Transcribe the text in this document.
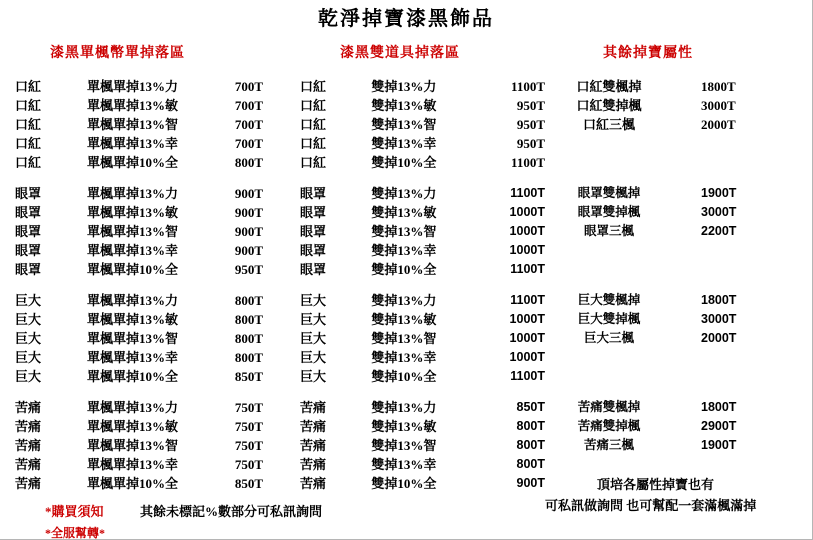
乾淨掉寶漆黑飾品
漆黑單楓幣單掉落區	漆黑雙道具掉落區	其餘掉寶屬性
口紅	單楓單掉13%力	700T
口紅	單楓單掉13%敏	700T
口紅	單楓單掉13%智	700T
口紅	單楓單掉13%幸	700T
口紅	單楓單掉10%全	800T
口紅	雙掉13%力	1100T
口紅	雙掉13%敏	950T
口紅	雙掉13%智	950T
口紅	雙掉13%幸	950T
口紅	雙掉10%全	1100T
口紅雙楓掉	1800T
口紅雙掉楓	3000T
口紅三楓	2000T
眼罩	單楓單掉13%力	900T
眼罩	單楓單掉13%敏	900T
眼罩	單楓單掉13%智	900T
眼罩	單楓單掉13%幸	900T
眼罩	單楓單掉10%全	950T
眼罩	雙掉13%力	1100T
眼罩	雙掉13%敏	1000T
眼罩	雙掉13%智	1000T
眼罩	雙掉13%幸	1000T
眼罩	雙掉10%全	1100T
眼罩雙楓掉	1900T
眼罩雙掉楓	3000T
眼罩三楓	2200T
巨大	單楓單掉13%力	800T
巨大	單楓單掉13%敏	800T
巨大	單楓單掉13%智	800T
巨大	單楓單掉13%幸	800T
巨大	單楓單掉10%全	850T
巨大	雙掉13%力	1100T
巨大	雙掉13%敏	1000T
巨大	雙掉13%智	1000T
巨大	雙掉13%幸	1000T
巨大	雙掉10%全	1100T
巨大雙楓掉	1800T
巨大雙掉楓	3000T
巨大三楓	2000T
苦痛	單楓單掉13%力	750T
苦痛	單楓單掉13%敏	750T
苦痛	單楓單掉13%智	750T
苦痛	單楓單掉13%幸	750T
苦痛	單楓單掉10%全	850T
苦痛	雙掉13%力	850T
苦痛	雙掉13%敏	800T
苦痛	雙掉13%智	800T
苦痛	雙掉13%幸	800T
苦痛	雙掉10%全	900T
苦痛雙楓掉	1800T
苦痛雙掉楓	2900T
苦痛三楓	1900T
頂培各屬性掉寶也有
可私訊做詢問 也可幫配一套滿楓滿掉
*購買須知	其餘未標記%數部分可私訊詢問
*全服幫轉*
